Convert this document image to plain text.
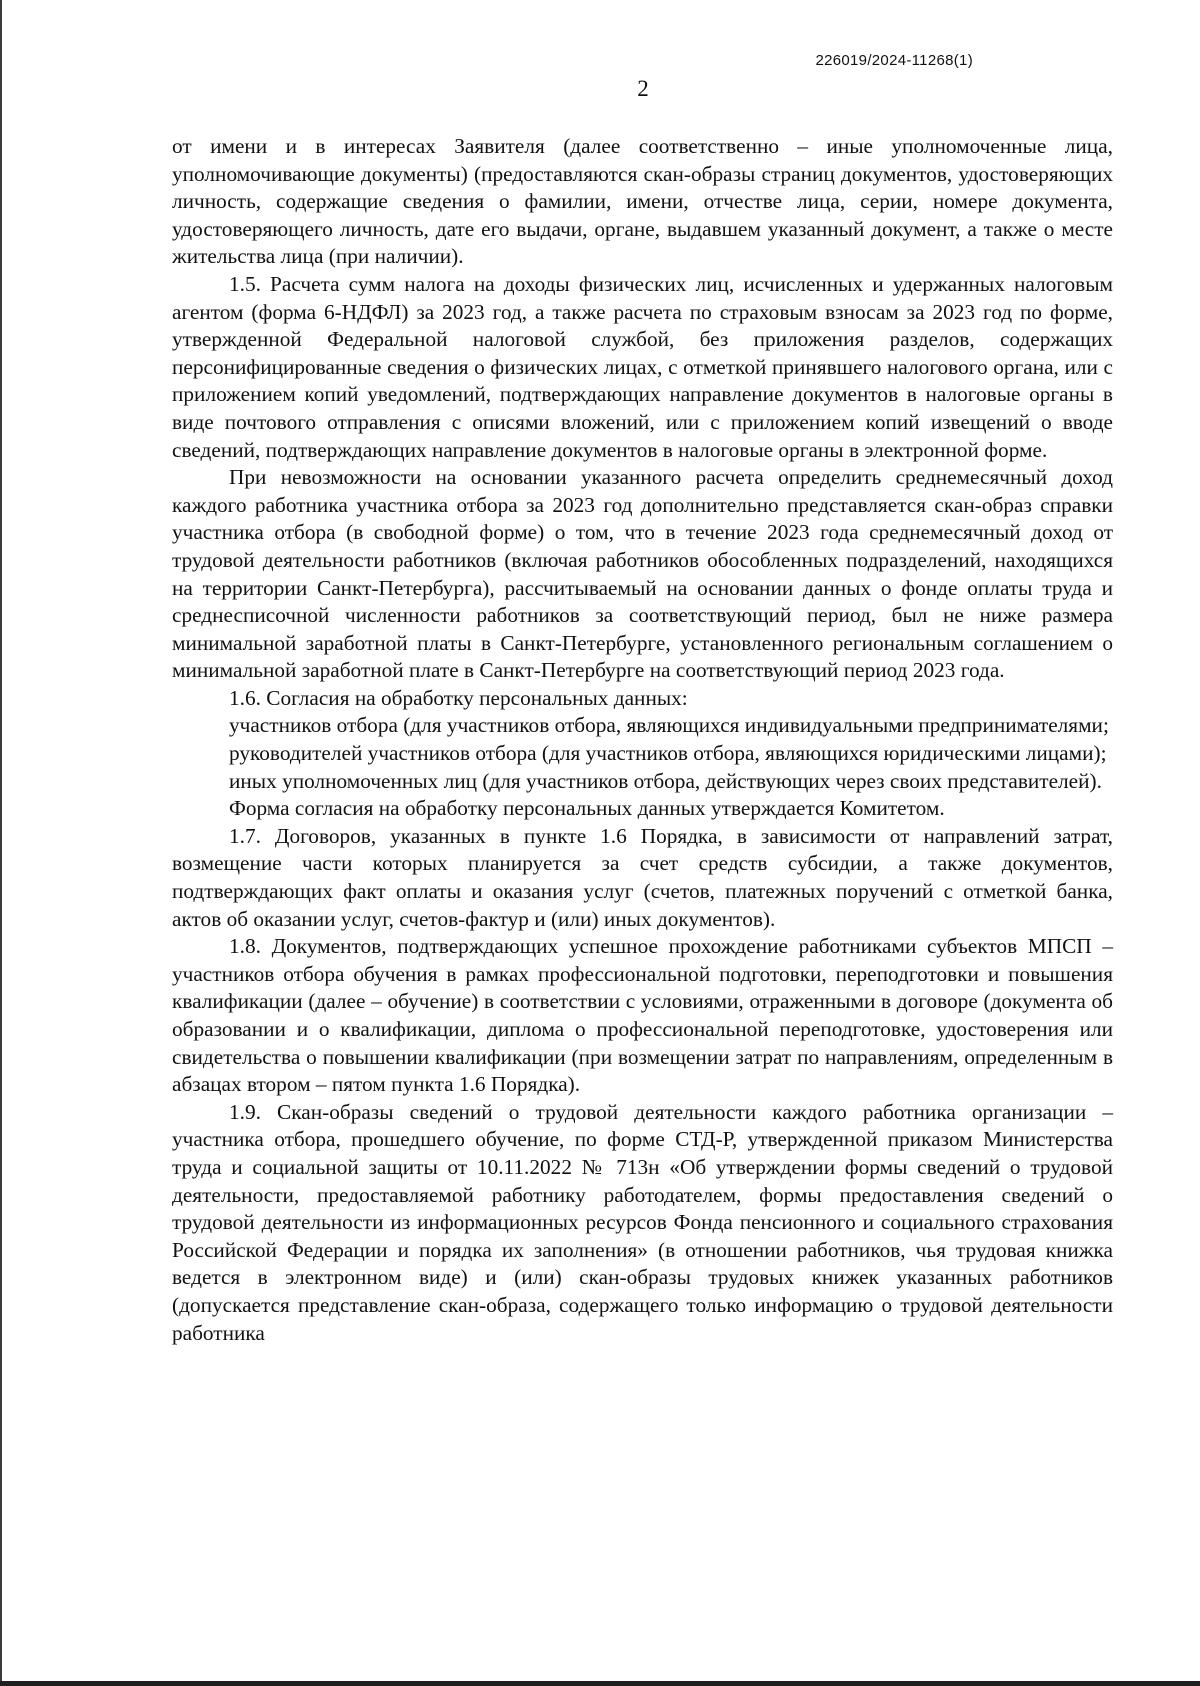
226019/2024-11268(1)
2

от имени и в интересах Заявителя (далее соответственно – иные уполномоченные лица, уполномочивающие документы) (предоставляются скан-образы страниц документов, удостоверяющих личность, содержащие сведения о фамилии, имени, отчестве лица, серии, номере документа, удостоверяющего личность, дате его выдачи, органе, выдавшем указанный документ, а также о месте жительства лица (при наличии).

1.5. Расчета сумм налога на доходы физических лиц, исчисленных и удержанных налоговым агентом (форма 6-НДФЛ) за 2023 год, а также расчета по страховым взносам за 2023 год по форме, утвержденной Федеральной налоговой службой, без приложения разделов, содержащих персонифицированные сведения о физических лицах, с отметкой принявшего налогового органа, или с приложением копий уведомлений, подтверждающих направление документов в налоговые органы в виде почтового отправления с описями вложений, или с приложением копий извещений о вводе сведений, подтверждающих направление документов в налоговые органы в электронной форме.

При невозможности на основании указанного расчета определить среднемесячный доход каждого работника участника отбора за 2023 год дополнительно представляется скан-образ справки участника отбора (в свободной форме) о том, что в течение 2023 года среднемесячный доход от трудовой деятельности работников (включая работников обособленных подразделений, находящихся на территории Санкт-Петербурга), рассчитываемый на основании данных о фонде оплаты труда и среднесписочной численности работников за соответствующий период, был не ниже размера минимальной заработной платы в Санкт-Петербурге, установленного региональным соглашением о минимальной заработной плате в Санкт-Петербурге на соответствующий период 2023 года.

1.6. Согласия на обработку персональных данных:

участников отбора (для участников отбора, являющихся индивидуальными предпринимателями;

руководителей участников отбора (для участников отбора, являющихся юридическими лицами);

иных уполномоченных лиц (для участников отбора, действующих через своих представителей).

Форма согласия на обработку персональных данных утверждается Комитетом.

1.7. Договоров, указанных в пункте 1.6 Порядка, в зависимости от направлений затрат, возмещение части которых планируется за счет средств субсидии, а также документов, подтверждающих факт оплаты и оказания услуг (счетов, платежных поручений с отметкой банка, актов об оказании услуг, счетов-фактур и (или) иных документов).

1.8. Документов, подтверждающих успешное прохождение работниками субъектов МПСП – участников отбора обучения в рамках профессиональной подготовки, переподготовки и повышения квалификации (далее – обучение) в соответствии с условиями, отраженными в договоре (документа об образовании и о квалификации, диплома о профессиональной переподготовке, удостоверения или свидетельства о повышении квалификации (при возмещении затрат по направлениям, определенным в абзацах втором – пятом пункта 1.6 Порядка).

1.9. Скан-образы сведений о трудовой деятельности каждого работника организации – участника отбора, прошедшего обучение, по форме СТД-Р, утвержденной приказом Министерства труда и социальной защиты от 10.11.2022 № 713н «Об утверждении формы сведений о трудовой деятельности, предоставляемой работнику работодателем, формы предоставления сведений о трудовой деятельности из информационных ресурсов Фонда пенсионного и социального страхования Российской Федерации и порядка их заполнения» (в отношении работников, чья трудовая книжка ведется в электронном виде) и (или) скан-образы трудовых книжек указанных работников (допускается представление скан-образа, содержащего только информацию о трудовой деятельности работника
